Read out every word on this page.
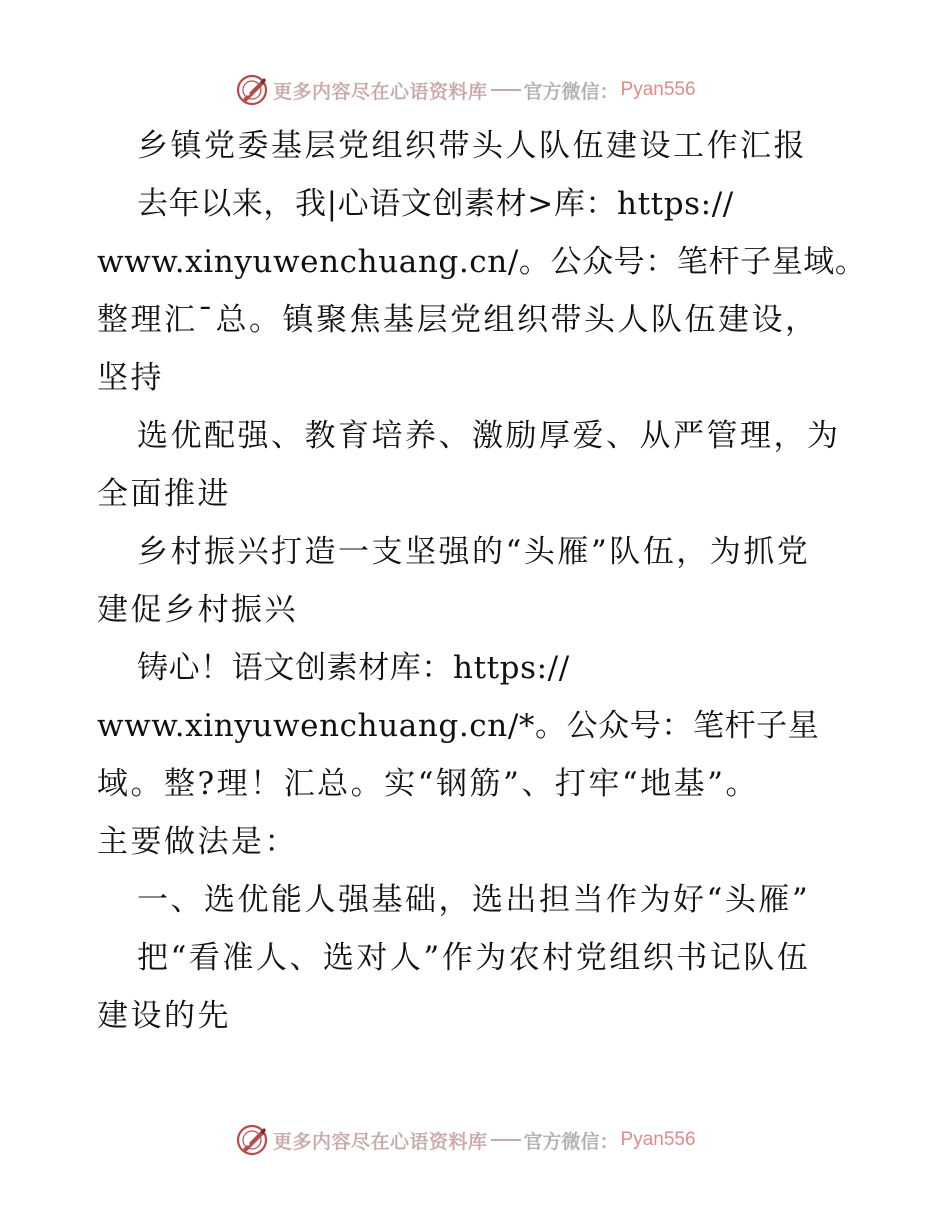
更多内容尽在心语资料库 官方微信： Pyan556
乡镇党委基层党组织带头人队伍建设工作汇报
去年以来，我|心语文创素材>库：https://
www.xinyuwenchuang.cn/。公众号：笔杆子星域。
整理汇¯总。镇聚焦基层党组织带头人队伍建设，
坚持
选优配强、教育培养、激励厚爱、从严管理，为
全面推进
乡村振兴打造一支坚强的“头雁”队伍，为抓党
建促乡村振兴
铸心！语文创素材库：https://
www.xinyuwenchuang.cn/*。公众号：笔杆子星
域。整?理！汇总。实“钢筋”、打牢“地基”。
主要做法是：
一、选优能人强基础，选出担当作为好“头雁”
把“看准人、选对人”作为农村党组织书记队伍
建设的先
更多内容尽在心语资料库 官方微信： Pyan556
